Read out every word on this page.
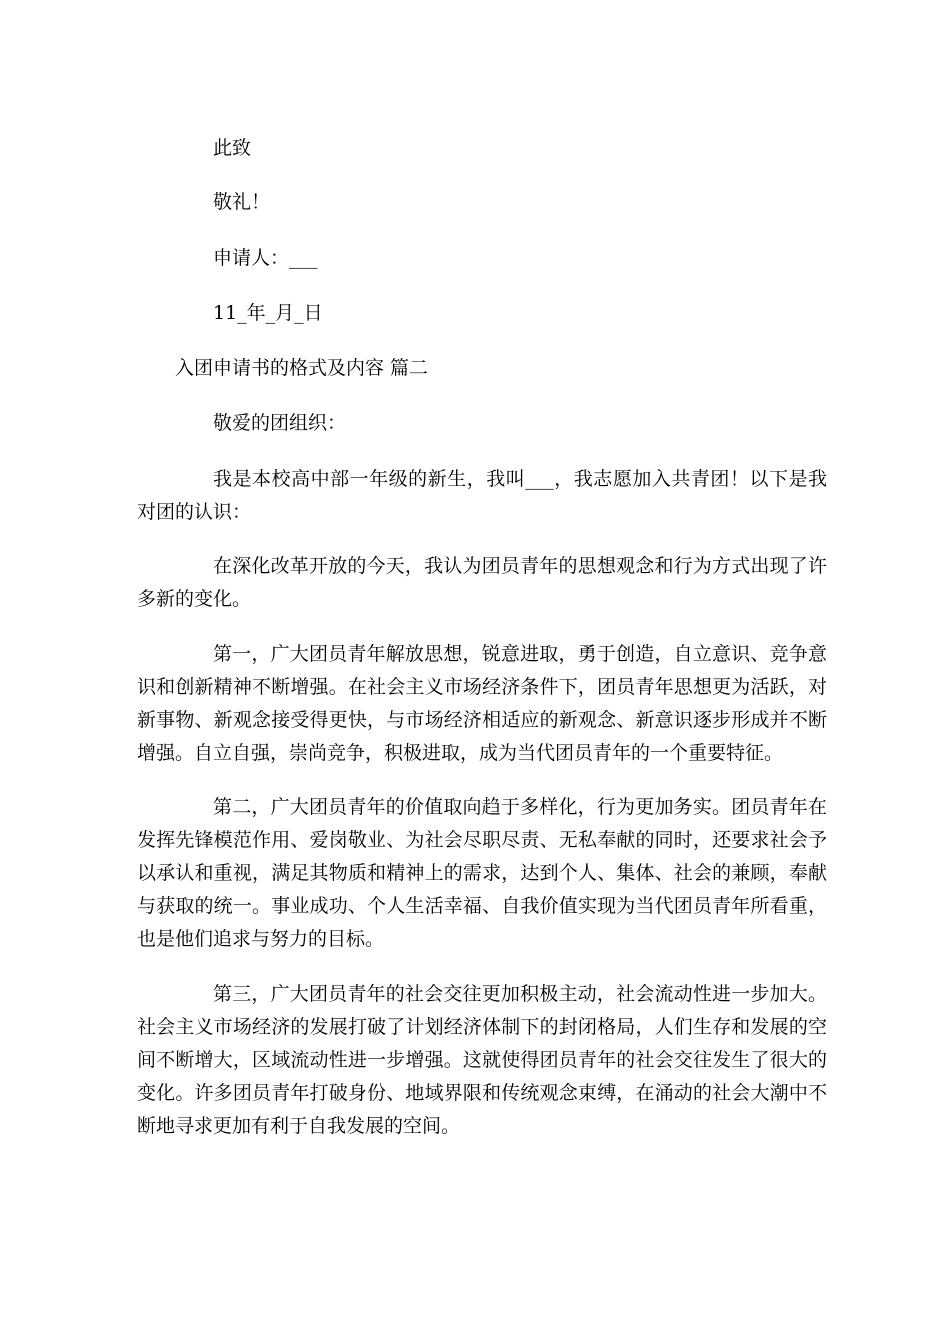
此致
敬礼！
申请人：___
11_年_月_日
入团申请书的格式及内容 篇二
敬爱的团组织：
我是本校高中部一年级的新生，我叫___，我志愿加入共青团！以下是我对团的认识：
在深化改革开放的今天，我认为团员青年的思想观念和行为方式出现了许多新的变化。
第一，广大团员青年解放思想，锐意进取，勇于创造，自立意识、竞争意识和创新精神不断增强。在社会主义市场经济条件下，团员青年思想更为活跃，对新事物、新观念接受得更快，与市场经济相适应的新观念、新意识逐步形成并不断增强。自立自强，崇尚竞争，积极进取，成为当代团员青年的一个重要特征。
第二，广大团员青年的价值取向趋于多样化，行为更加务实。团员青年在发挥先锋模范作用、爱岗敬业、为社会尽职尽责、无私奉献的同时，还要求社会予以承认和重视，满足其物质和精神上的需求，达到个人、集体、社会的兼顾，奉献与获取的统一。事业成功、个人生活幸福、自我价值实现为当代团员青年所看重，也是他们追求与努力的目标。
第三，广大团员青年的社会交往更加积极主动，社会流动性进一步加大。社会主义市场经济的发展打破了计划经济体制下的封闭格局，人们生存和发展的空间不断增大，区域流动性进一步增强。这就使得团员青年的社会交往发生了很大的变化。许多团员青年打破身份、地域界限和传统观念束缚，在涌动的社会大潮中不断地寻求更加有利于自我发展的空间。
